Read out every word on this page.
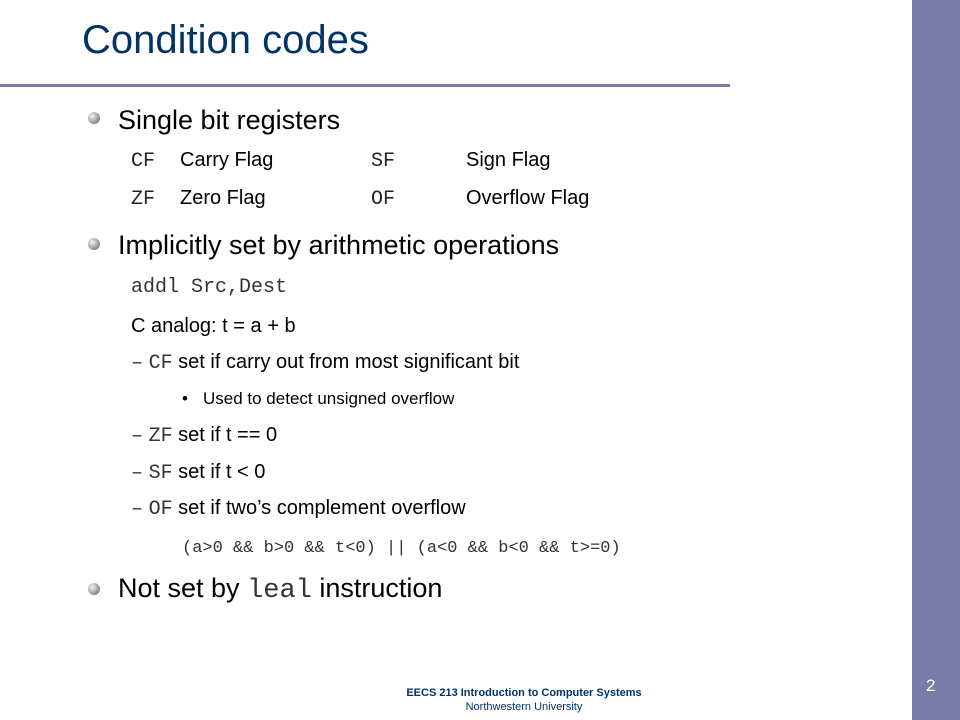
Condition codes
Single bit registers
CF Carry Flag	SF	Sign Flag
ZF Zero Flag	OF	Overflow Flag
Implicitly set by arithmetic operations
addl Src,Dest
C analog: t = a + b
– CF set if carry out from most significant bit
• Used to detect unsigned overflow
– ZF set if t == 0
– SF set if t < 0
– OF set if two’s complement overflow
(a>0 && b>0 && t<0) || (a<0 && b<0 && t>=0)
Not set by leal instruction
EECS 213 Introduction to Computer Systems
Northwestern University
2
